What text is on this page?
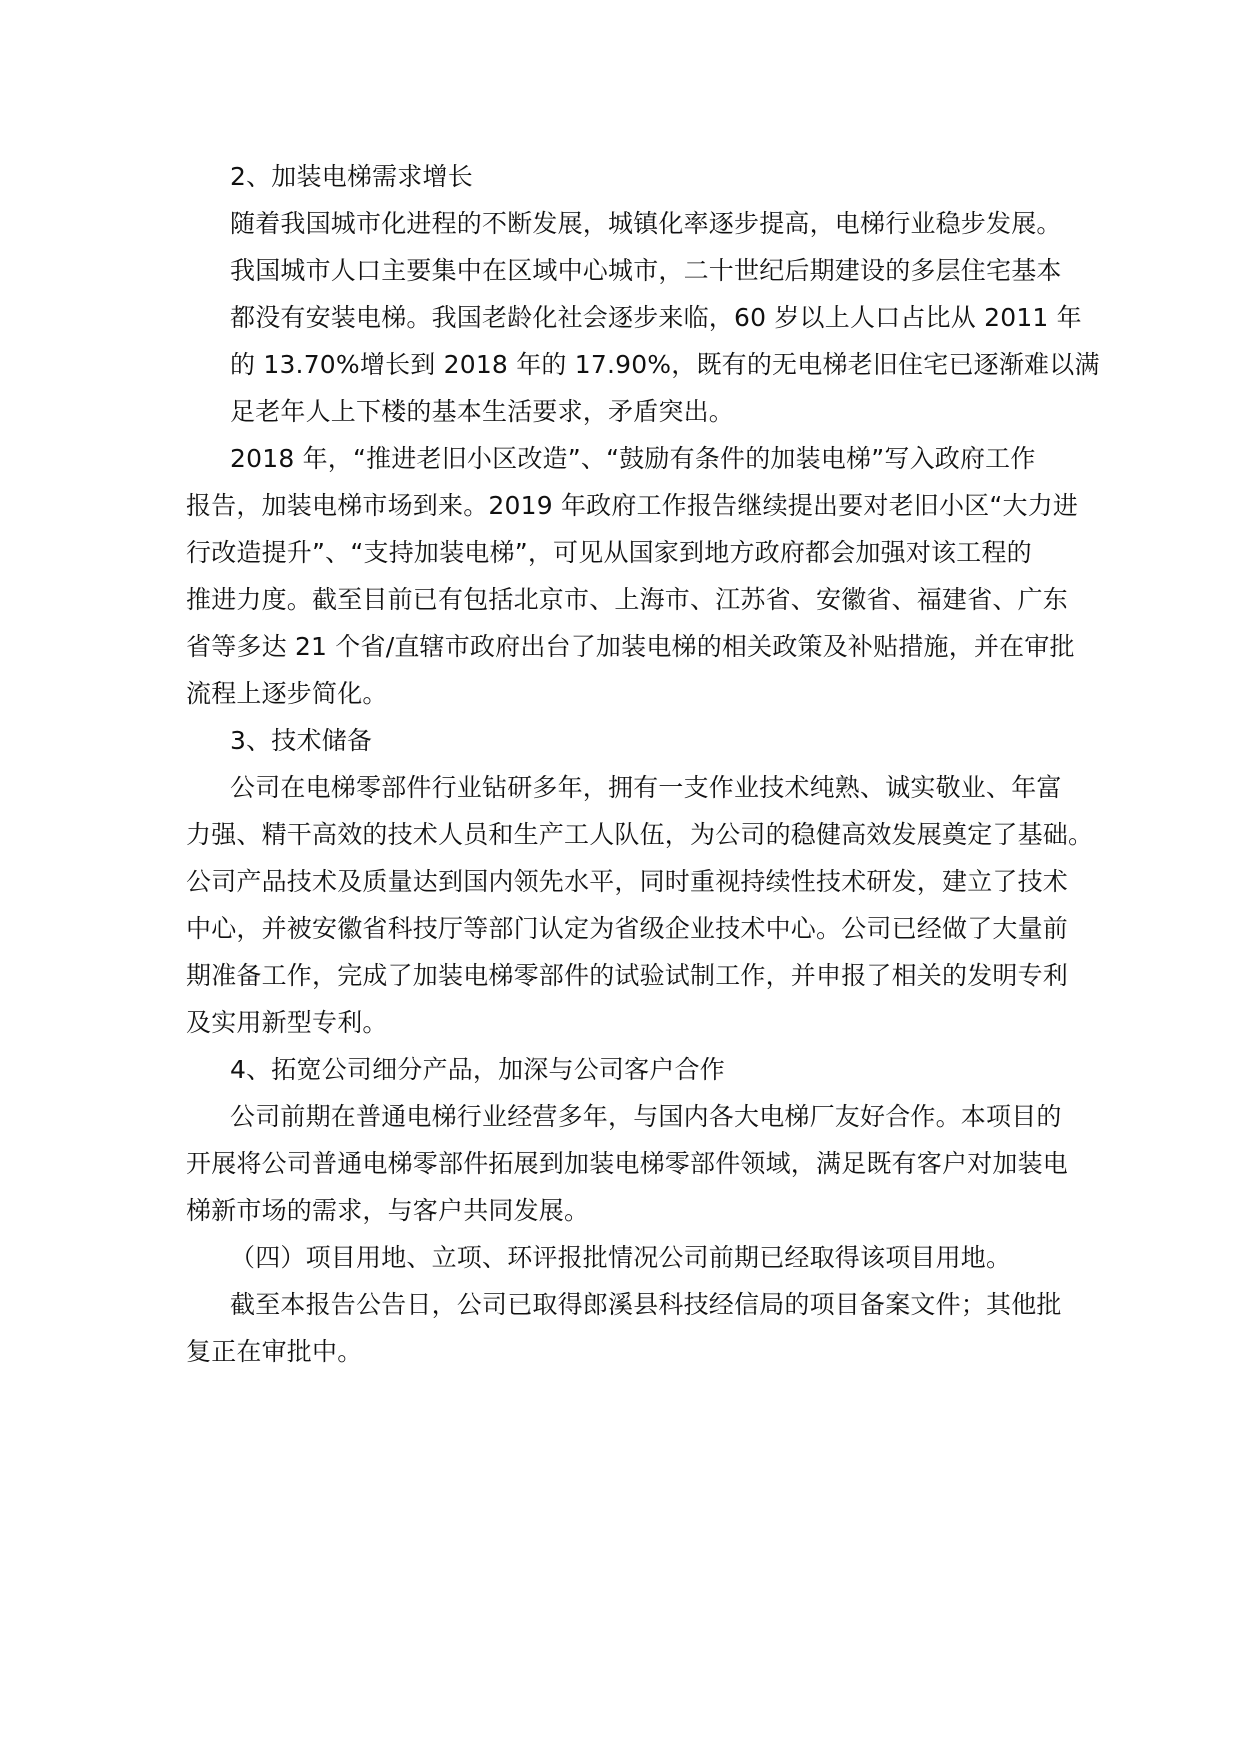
2、加装电梯需求增长
随着我国城市化进程的不断发展，城镇化率逐步提高，电梯行业稳步发展。
我国城市人口主要集中在区域中心城市，二十世纪后期建设的多层住宅基本
都没有安装电梯。我国老龄化社会逐步来临，60 岁以上人口占比从 2011 年
的 13.70%增长到 2018 年的 17.90%，既有的无电梯老旧住宅已逐渐难以满
足老年人上下楼的基本生活要求，矛盾突出。
2018 年，“推进老旧小区改造”、“鼓励有条件的加装电梯”写入政府工作
报告，加装电梯市场到来。2019 年政府工作报告继续提出要对老旧小区“大力进
行改造提升”、“支持加装电梯”，可见从国家到地方政府都会加强对该工程的
推进力度。截至目前已有包括北京市、上海市、江苏省、安徽省、福建省、广东
省等多达 21 个省/直辖市政府出台了加装电梯的相关政策及补贴措施，并在审批
流程上逐步简化。
3、技术储备
公司在电梯零部件行业钻研多年，拥有一支作业技术纯熟、诚实敬业、年富
力强、精干高效的技术人员和生产工人队伍，为公司的稳健高效发展奠定了基础。
公司产品技术及质量达到国内领先水平，同时重视持续性技术研发，建立了技术
中心，并被安徽省科技厅等部门认定为省级企业技术中心。公司已经做了大量前
期准备工作，完成了加装电梯零部件的试验试制工作，并申报了相关的发明专利
及实用新型专利。
4、拓宽公司细分产品，加深与公司客户合作
公司前期在普通电梯行业经营多年，与国内各大电梯厂友好合作。本项目的
开展将公司普通电梯零部件拓展到加装电梯零部件领域，满足既有客户对加装电
梯新市场的需求，与客户共同发展。
（四）项目用地、立项、环评报批情况公司前期已经取得该项目用地。
截至本报告公告日，公司已取得郎溪县科技经信局的项目备案文件；其他批
复正在审批中。
